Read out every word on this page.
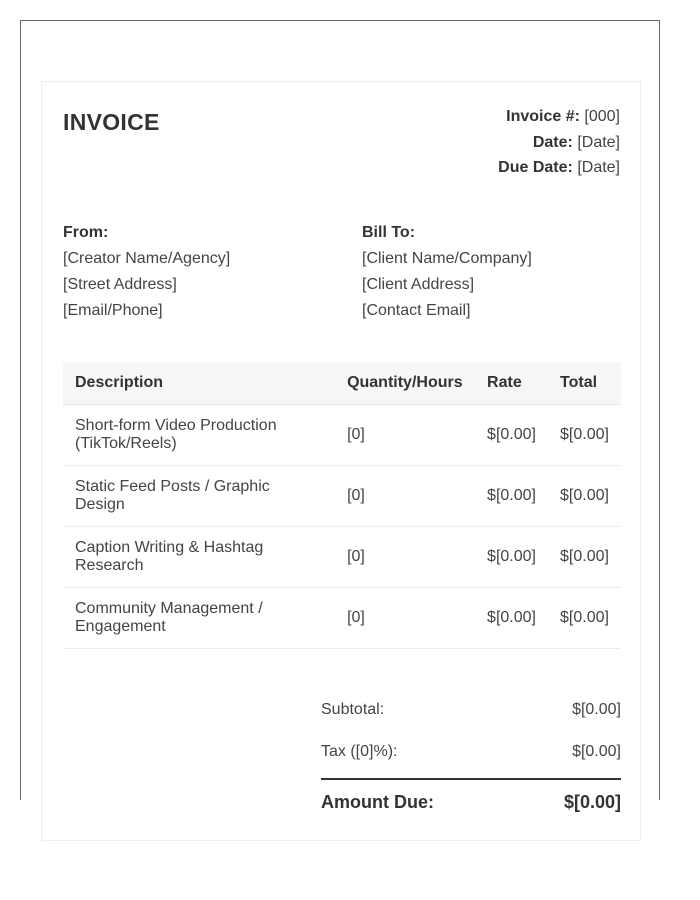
INVOICE	Invoice #: [000]
Date: [Date]
Due Date: [Date]
From:
[Creator Name/Agency]
[Street Address]
[Email/Phone]
Bill To:
[Client Name/Company]
[Client Address]
[Contact Email]
Description	Quantity/Hours	Rate	Total
Short-form Video Production (TikTok/Reels)	[0]	$[0.00]	$[0.00]
Static Feed Posts / Graphic Design	[0]	$[0.00]	$[0.00]
Caption Writing & Hashtag Research	[0]	$[0.00]	$[0.00]
Community Management / Engagement	[0]	$[0.00]	$[0.00]
Subtotal:	$[0.00]
Tax ([0]%):	$[0.00]
Amount Due:	$[0.00]
